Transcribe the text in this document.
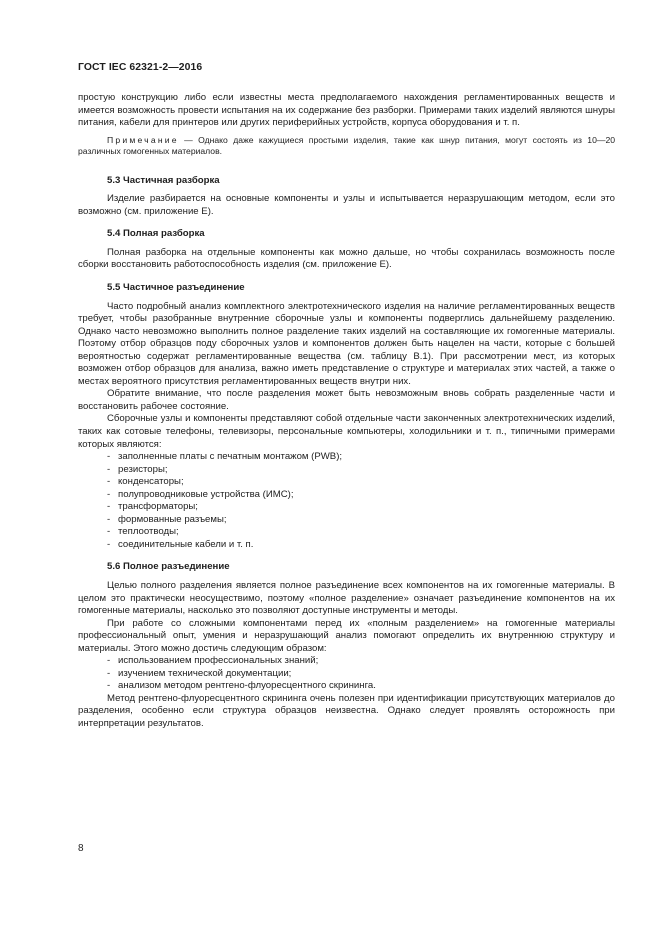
ГОСТ IEC 62321-2—2016

простую конструкцию либо если известны места предполагаемого нахождения регламентированных веществ и имеется возможность провести испытания на их содержание без разборки. Примерами таких изделий являются шнуры питания, кабели для принтеров или других периферийных устройств, корпуса оборудования и т. п.

Примечание — Однако даже кажущиеся простыми изделия, такие как шнур питания, могут состоять из 10—20 различных гомогенных материалов.

5.3 Частичная разборка

Изделие разбирается на основные компоненты и узлы и испытывается неразрушающим методом, если это возможно (см. приложение Е).

5.4 Полная разборка

Полная разборка на отдельные компоненты как можно дальше, но чтобы сохранилась возможность после сборки восстановить работоспособность изделия (см. приложение Е).

5.5 Частичное разъединение

Часто подробный анализ комплектного электротехнического изделия на наличие регламентированных веществ требует, чтобы разобранные внутренние сборочные узлы и компоненты подверглись дальнейшему разделению. Однако часто невозможно выполнить полное разделение таких изделий на составляющие их гомогенные материалы. Поэтому отбор образцов поду сборочных узлов и компонентов должен быть нацелен на части, которые с большей вероятностью содержат регламентированные вещества (см. таблицу В.1). При рассмотрении мест, из которых возможен отбор образцов для анализа, важно иметь представление о структуре и материалах этих частей, а также о местах вероятного присутствия регламентированных веществ внутри них.

Обратите внимание, что после разделения может быть невозможным вновь собрать разделенные части и восстановить рабочее состояние.

Сборочные узлы и компоненты представляют собой отдельные части законченных электротехнических изделий, таких как сотовые телефоны, телевизоры, персональные компьютеры, холодильники и т. п., типичными примерами которых являются:

- заполненные платы с печатным монтажом (PWB);
- резисторы;
- конденсаторы;
- полупроводниковые устройства (ИМС);
- трансформаторы;
- формованные разъемы;
- теплоотводы;
- соединительные кабели и т. п.
5.6 Полное разъединение

Целью полного разделения является полное разъединение всех компонентов на их гомогенные материалы. В целом это практически неосуществимо, поэтому «полное разделение» означает разъединение компонентов на их гомогенные материалы, насколько это позволяют доступные инструменты и методы.

При работе со сложными компонентами перед их «полным разделением» на гомогенные материалы профессиональный опыт, умения и неразрушающий анализ помогают определить их внутреннюю структуру и материалы. Этого можно достичь следующим образом:

- использованием профессиональных знаний;
- изучением технической документации;
- анализом методом рентгено-флуоресцентного скрининга.

Метод рентгено-флуоресцентного скрининга очень полезен при идентификации присутствующих материалов до разделения, особенно если структура образцов неизвестна. Однако следует проявлять осторожность при интерпретации результатов.

8
